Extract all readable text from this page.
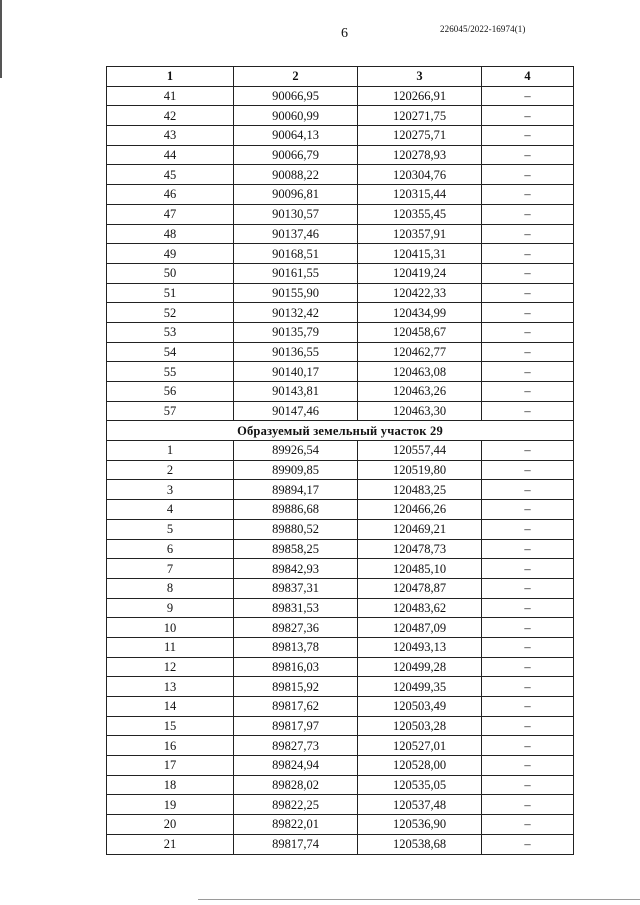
6	226045/2022-16974(1)
1	2	3	4
41	90066,95	120266,91	–
42	90060,99	120271,75	–
43	90064,13	120275,71	–
44	90066,79	120278,93	–
45	90088,22	120304,76	–
46	90096,81	120315,44	–
47	90130,57	120355,45	–
48	90137,46	120357,91	–
49	90168,51	120415,31	–
50	90161,55	120419,24	–
51	90155,90	120422,33	–
52	90132,42	120434,99	–
53	90135,79	120458,67	–
54	90136,55	120462,77	–
55	90140,17	120463,08	–
56	90143,81	120463,26	–
57	90147,46	120463,30	–
Образуемый земельный участок 29			
1	89926,54	120557,44	–
2	89909,85	120519,80	–
3	89894,17	120483,25	–
4	89886,68	120466,26	–
5	89880,52	120469,21	–
6	89858,25	120478,73	–
7	89842,93	120485,10	–
8	89837,31	120478,87	–
9	89831,53	120483,62	–
10	89827,36	120487,09	–
11	89813,78	120493,13	–
12	89816,03	120499,28	–
13	89815,92	120499,35	–
14	89817,62	120503,49	–
15	89817,97	120503,28	–
16	89827,73	120527,01	–
17	89824,94	120528,00	–
18	89828,02	120535,05	–
19	89822,25	120537,48	–
20	89822,01	120536,90	–
21	89817,74	120538,68	–
